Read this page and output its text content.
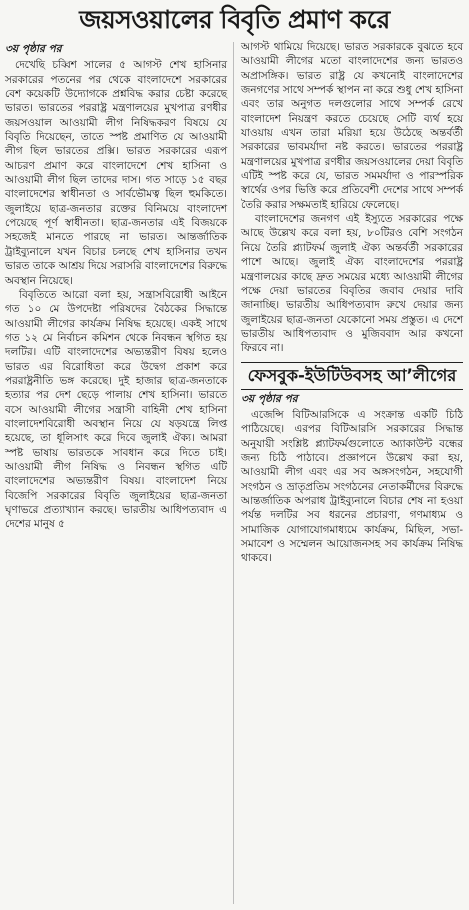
জয়সওয়ালের বিবৃতি প্রমাণ করে
৩য় পৃষ্ঠার পর

দেখেছি চব্বিশ সালের ৫ আগস্ট শেখ হাসিনার সরকারের পতনের পর থেকে বাংলাদেশে সরকারের বেশ কয়েকটি উদ্যোগকে প্রশ্নবিদ্ধ করার চেষ্টা করেছে ভারত। ভারতের পররাষ্ট্র মন্ত্রণালয়ের মুখপাত্র রণধীর জয়সওয়াল আওয়ামী লীগ নিষিদ্ধকরণ বিষয়ে যে বিবৃতি দিয়েছেন, তাতে স্পষ্ট প্রমাণিত যে আওয়ামী লীগ ছিল ভারতের প্রক্সি। ভারত সরকারের এরূপ আচরণ প্রমাণ করে বাংলাদেশে শেখ হাসিনা ও আওয়ামী লীগ ছিল তাদের দাস। গত সাড়ে ১৫ বছর বাংলাদেশের স্বাধীনতা ও সার্বভৌমত্ব ছিল হুমকিতে। জুলাইয়ে ছাত্র-জনতার রক্তের বিনিময়ে বাংলাদেশ পেয়েছে পূর্ণ স্বাধীনতা। ছাত্র-জনতার এই বিজয়কে সহজেই মানতে পারছে না ভারত। আন্তর্জাতিক ট্রাইব্যুনালে যখন বিচার চলছে শেখ হাসিনার তখন ভারত তাকে আশ্রয় দিয়ে সরাসরি বাংলাদেশের বিরুদ্ধে অবস্থান নিয়েছে।

বিবৃতিতে আরো বলা হয়, সন্ত্রাসবিরোধী আইনে গত ১০ মে উপদেষ্টা পরিষদের বৈঠকের সিদ্ধান্তে আওয়ামী লীগের কার্যক্রম নিষিদ্ধ হয়েছে। একই সাথে গত ১২ মে নির্বাচন কমিশন থেকে নিবন্ধন স্থগিত হয় দলটির। এটি বাংলাদেশের অভ্যন্তরীণ বিষয় হলেও ভারত এর বিরোধিতা করে উদ্বেগ প্রকাশ করে পররাষ্ট্রনীতি ভঙ্গ করেছে। দুই হাজার ছাত্র-জনতাকে হত্যার পর দেশ ছেড়ে পালায় শেখ হাসিনা। ভারতে বসে আওয়ামী লীগের সন্ত্রাসী বাহিনী শেখ হাসিনা বাংলাদেশবিরোধী অবস্থান নিয়ে যে ষড়যন্ত্রে লিপ্ত হয়েছে, তা ধূলিসাৎ করে দিবে জুলাই ঐক্য। আমরা স্পষ্ট ভাষায় ভারতকে সাবধান করে দিতে চাই। আওয়ামী লীগ নিষিদ্ধ ও নিবন্ধন স্থগিত এটি বাংলাদেশের অভ্যন্তরীণ বিষয়। বাংলাদেশ নিয়ে বিজেপি সরকারের বিবৃতি জুলাইয়ের ছাত্র-জনতা ঘৃণাভরে প্রত্যাখ্যান করছে। ভারতীয় আধিপত্যবাদ এ দেশের মানুষ ৫

আগস্ট থামিয়ে দিয়েছে। ভারত সরকারকে বুঝতে হবে আওয়ামী লীগের মতো বাংলাদেশের জন্য ভারতও অপ্রাসঙ্গিক। ভারত রাষ্ট্র যে কখনোই বাংলাদেশের জনগণের সাথে সম্পর্ক স্থাপন না করে শুধু শেখ হাসিনা এবং তার অনুগত দলগুলোর সাথে সম্পর্ক রেখে বাংলাদেশ নিয়ন্ত্রণ করতে চেয়েছে সেটি ব্যর্থ হয়ে যাওয়ায় এখন তারা মরিয়া হয়ে উঠেছে অন্তর্বর্তী সরকারের ভাবমর্যাদা নষ্ট করতে। ভারতের পররাষ্ট্র মন্ত্রণালয়ের মুখপাত্র রণধীর জয়সওয়ালের দেয়া বিবৃতি এটিই স্পষ্ট করে যে, ভারত সমমর্যাদা ও পারস্পরিক স্বার্থের ওপর ভিত্তি করে প্রতিবেশী দেশের সাথে সম্পর্ক তৈরি করার সক্ষমতাই হারিয়ে ফেলেছে।

বাংলাদেশের জনগণ এই ইস্যুতে সরকারের পক্ষে আছে উল্লেখ করে বলা হয়, ৮০টিরও বেশি সংগঠন নিয়ে তৈরি প্ল্যাটফর্ম জুলাই ঐক্য অন্তর্বর্তী সরকারের পাশে আছে। জুলাই ঐক্য বাংলাদেশের পররাষ্ট্র মন্ত্রণালয়ের কাছে দ্রুত সময়ের মধ্যে আওয়ামী লীগের পক্ষে দেয়া ভারতের বিবৃতির জবাব দেয়ার দাবি জানাচ্ছি। ভারতীয় আধিপত্যবাদ রুখে দেয়ার জন্য জুলাইয়ের ছাত্র-জনতা যেকোনো সময় প্রস্তুত। এ দেশে ভারতীয় আধিপত্যবাদ ও মুজিববাদ আর কখনো ফিরবে না।

ফেসবুক-ইউটিউবসহ আ’লীগের
৩য় পৃষ্ঠার পর

এজেন্সি বিটিআরসিকে এ সংক্রান্ত একটি চিঠি পাঠিয়েছে। এরপর বিটিআরসি সরকারের সিদ্ধান্ত অনুযায়ী সংশ্লিষ্ট প্ল্যাটফর্মগুলোতে অ্যাকাউন্ট বন্ধের জন্য চিঠি পাঠাবে। প্রজ্ঞাপনে উল্লেখ করা হয়, আওয়ামী লীগ এবং এর সব অঙ্গসংগঠন, সহযোগী সংগঠন ও ভ্রাতৃপ্রতিম সংগঠনের নেতাকর্মীদের বিরুদ্ধে আন্তর্জাতিক অপরাধ ট্রাইব্যুনালে বিচার শেষ না হওয়া পর্যন্ত দলটির সব ধরনের প্রচারণা, গণমাধ্যম ও সামাজিক যোগাযোগমাধ্যমে কার্যক্রম, মিছিল, সভা-সমাবেশ ও সম্মেলন আয়োজনসহ সব কার্যক্রম নিষিদ্ধ থাকবে।
